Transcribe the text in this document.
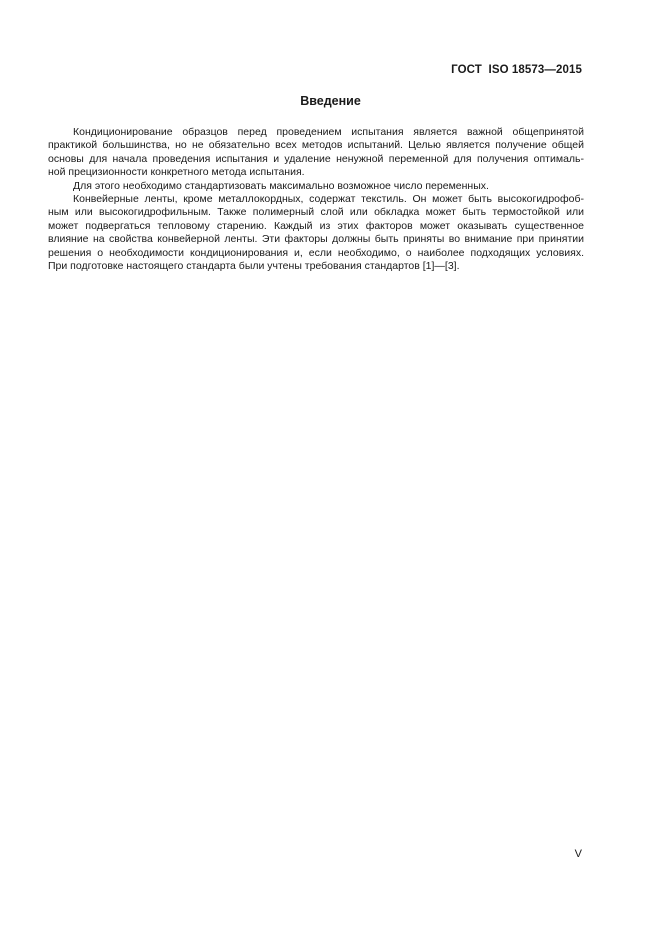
ГОСТ  ISO 18573—2015
Введение
Кондиционирование образцов перед проведением испытания является важной общепринятой
практикой большинства, но не обязательно всех методов испытаний. Целью является получение общей
основы для начала проведения испытания и удаление ненужной переменной для получения оптималь-
ной прецизионности конкретного метода испытания.
Для этого необходимо стандартизовать максимально возможное число переменных.
Конвейерные ленты, кроме металлокордных, содержат текстиль. Он может быть высокогидрофоб-
ным или высокогидрофильным. Также полимерный слой или обкладка может быть термостойкой или
может подвергаться тепловому старению. Каждый из этих факторов может оказывать существенное
влияние на свойства конвейерной ленты. Эти факторы должны быть приняты во внимание при принятии
решения о необходимости кондиционирования и, если необходимо, о наиболее подходящих условиях.
При подготовке настоящего стандарта были учтены требования стандартов [1]—[3].
V
